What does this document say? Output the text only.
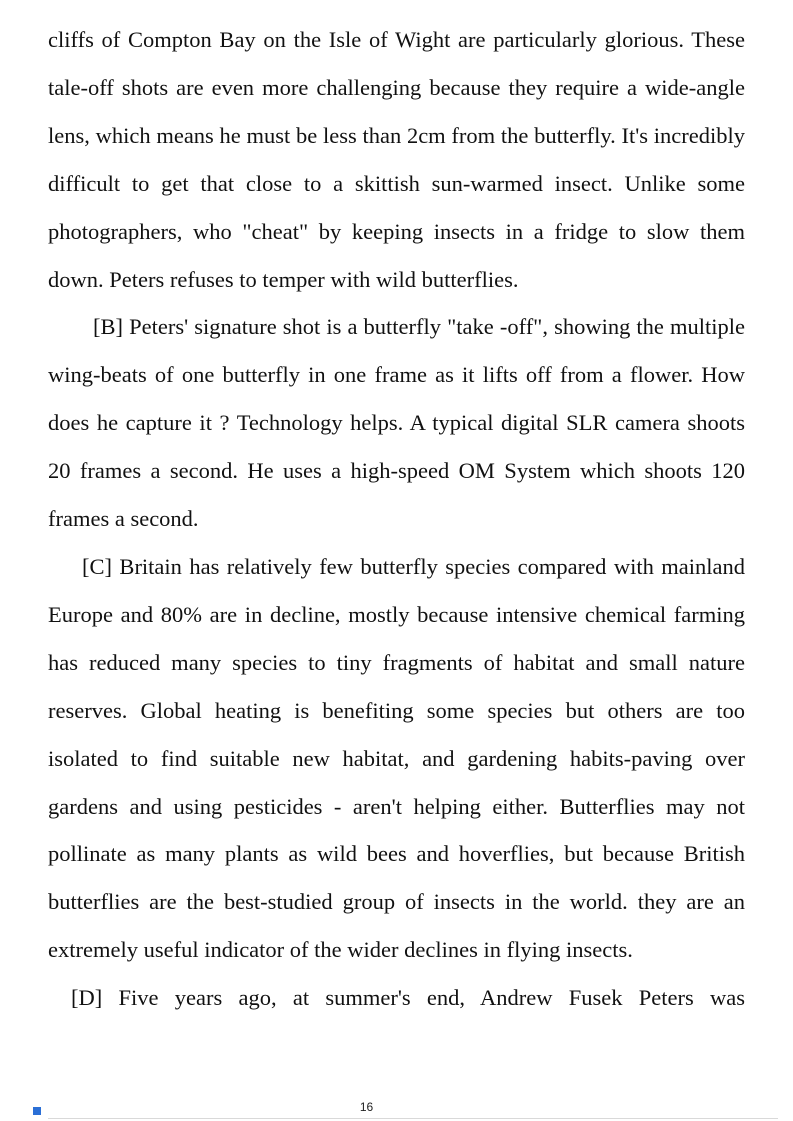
cliffs of Compton Bay on the Isle of Wight are particularly glorious. These tale-off shots are even more challenging because they require a wide-angle lens, which means he must be less than 2cm from the butterfly. It's incredibly difficult to get that close to a skittish sun-warmed insect. Unlike some photographers, who "cheat" by keeping insects in a fridge to slow them down. Peters refuses to temper with wild butterflies.

[B] Peters' signature shot is a butterfly "take -off", showing the multiple wing-beats of one butterfly in one frame as it lifts off from a flower. How does he capture it ? Technology helps. A typical digital SLR camera shoots 20 frames a second. He uses a high-speed OM System which shoots 120 frames a second.

[C] Britain has relatively few butterfly species compared with mainland Europe and 80% are in decline, mostly because intensive chemical farming has reduced many species to tiny fragments of habitat and small nature reserves. Global heating is benefiting some species but others are too isolated to find suitable new habitat, and gardening habits-paving over gardens and using pesticides - aren't helping either. Butterflies may not pollinate as many plants as wild bees and hoverflies, but because British butterflies are the best-studied group of insects in the world. they are an extremely useful indicator of the wider declines in flying insects.

[D] Five years ago, at summer's end, Andrew Fusek Peters was

16
